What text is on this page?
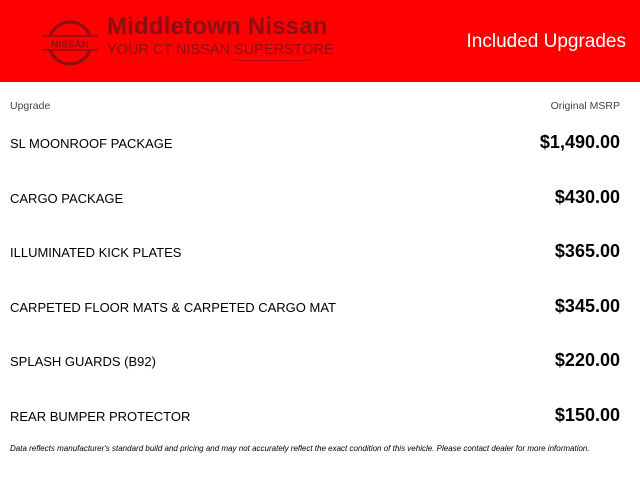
NISSAN
Middletown Nissan
YOUR CT NISSAN SUPERSTORE	Included Upgrades
Upgrade	Original MSRP
SL MOONROOF PACKAGE	$1,490.00
CARGO PACKAGE	$430.00
ILLUMINATED KICK PLATES	$365.00
CARPETED FLOOR MATS & CARPETED CARGO MAT	$345.00
SPLASH GUARDS (B92)	$220.00
REAR BUMPER PROTECTOR	$150.00
Data reflects manufacturer's standard build and pricing and may not accurately reflect the exact condition of this vehicle. Please contact dealer for more information.
